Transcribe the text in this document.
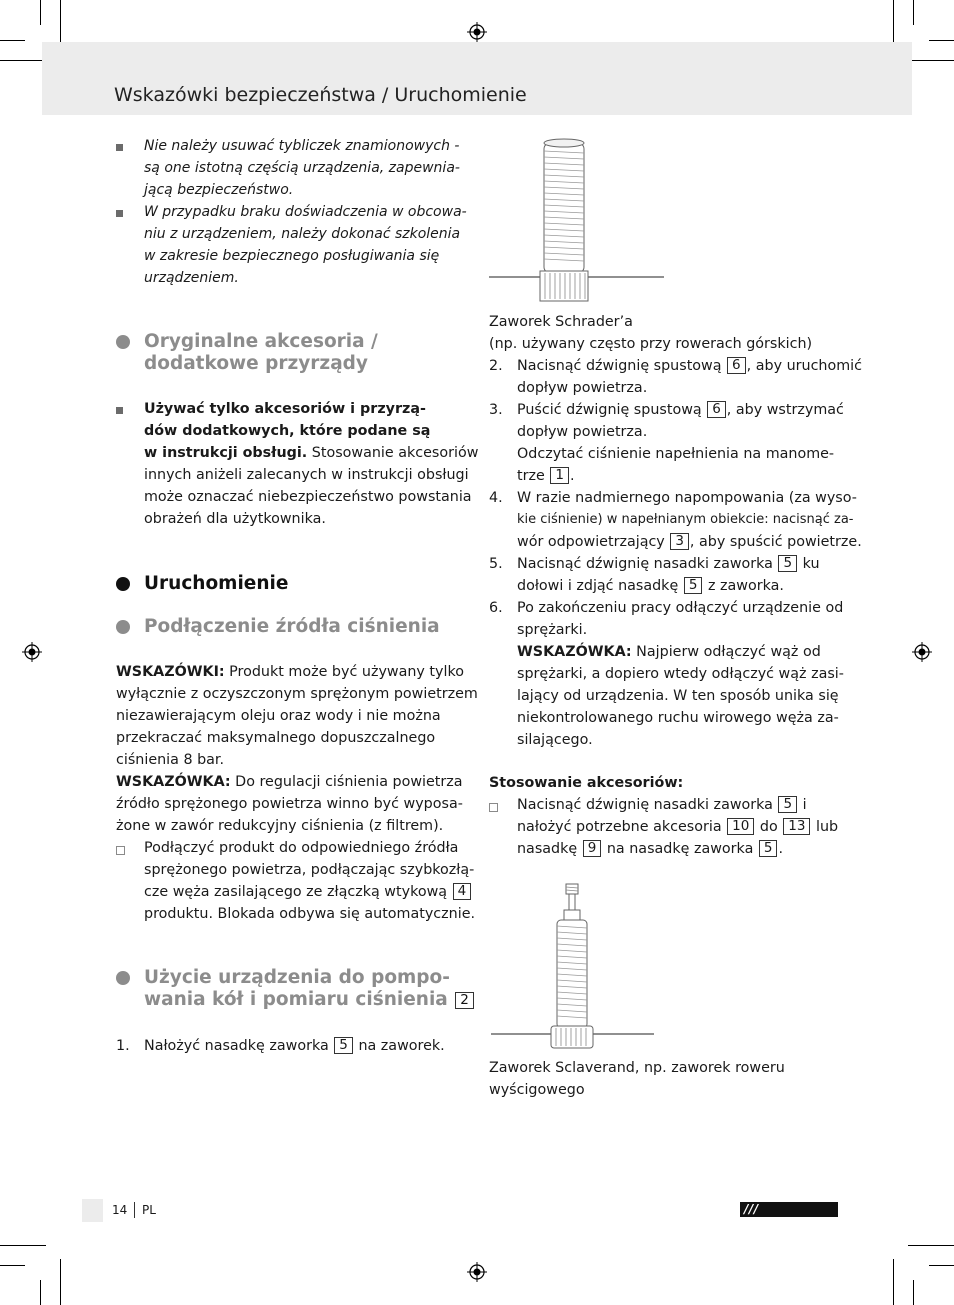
Wskazówki bezpieczeństwa / Uruchomienie
Nie należy usuwać tybliczek znamionowych -
są one istotną częścią urządzenia, zapewnia-
jącą bezpieczeństwo.
W przypadku braku doświadczenia w obcowa-
niu z urządzeniem, należy dokonać szkolenia
w zakresie bezpiecznego posługiwania się
urządzeniem.
Oryginalne akcesoria /
dodatkowe przyrządy
Używać tylko akcesoriów i przyrzą-
dów dodatkowych, które podane są
w instrukcji obsługi. Stosowanie akcesoriów
innych aniżeli zalecanych w instrukcji obsługi
może oznaczać niebezpieczeństwo powstania
obrażeń dla użytkownika.
Uruchomienie
Podłączenie źródła ciśnienia
WSKAZÓWKI: Produkt może być używany tylko
wyłącznie z oczyszczonym sprężonym powietrzem
niezawierającym oleju oraz wody i nie można
przekraczać maksymalnego dopuszczalnego
ciśnienia 8 bar.
WSKAZÓWKA: Do regulacji ciśnienia powietrza
źródło sprężonego powietrza winno być wyposa-
żone w zawór redukcyjny ciśnienia (z filtrem).
Podłączyć produkt do odpowiedniego źródła
sprężonego powietrza, podłączając szybkozłą-
cze węża zasilającego ze złączką wtykową 4
produktu. Blokada odbywa się automatycznie.
Użycie urządzenia do pompo-
wania kół i pomiaru ciśnienia 2
1. Nałożyć nasadkę zaworka 5 na zaworek.
Zaworek Schrader’a
(np. używany często przy rowerach górskich)
2. Nacisnąć dźwignię spustową 6 , aby uruchomić
dopływ powietrza.
3. Puścić dźwignię spustową 6 , aby wstrzymać
dopływ powietrza.
Odczytać ciśnienie napełnienia na manome-
trze 1 .
4. W razie nadmiernego napompowania (za wyso-
kie ciśnienie) w napełnianym obiekcie: nacisnąć za-
wór odpowietrzający 3 , aby spuścić powietrze.
5. Nacisnąć dźwignię nasadki zaworka 5 ku
dołowi i zdjąć nasadkę 5 z zaworka.
6. Po zakończeniu pracy odłączyć urządzenie od
sprężarki.
WSKAZÓWKA: Najpierw odłączyć wąż od
sprężarki, a dopiero wtedy odłączyć wąż zasi-
lający od urządzenia. W ten sposób unika się
niekontrolowanego ruchu wirowego węża za-
silającego.
Stosowanie akcesoriów:
Nacisnąć dźwignię nasadki zaworka 5 i
nałożyć potrzebne akcesoria 10 do 13 lub
nasadkę 9 na nasadkę zaworka 5 .
Zaworek Sclaverand, np. zaworek roweru
wyścigowego
14 PL	/// PARKSIDE
